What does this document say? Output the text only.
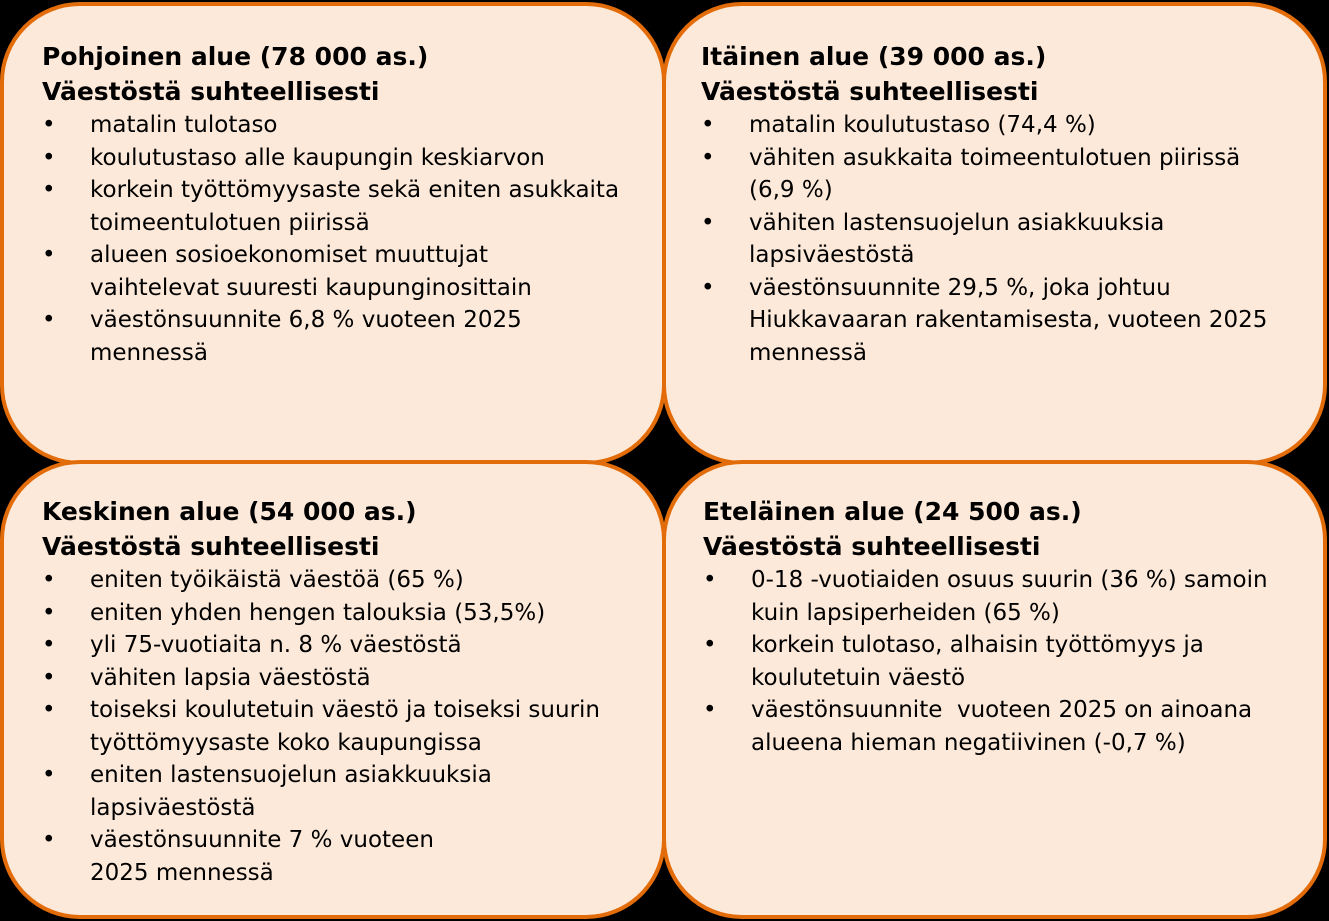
Pohjoinen alue (78 000 as.)

Väestöstä suhteellisesti

• matalin tulotaso
• koulutustaso alle kaupungin keskiarvon
• korkein työttömyysaste sekä eniten asukkaita toimeentulotuen piirissä
• alueen sosioekonomiset muuttujat vaihtelevat suuresti kaupunginosittain
• väestönsuunnite 6,8 % vuoteen 2025 mennessä

Itäinen alue (39 000 as.)

Väestöstä suhteellisesti

• matalin koulutustaso (74,4 %)
• vähiten asukkaita toimeentulotuen piirissä (6,9 %)
• vähiten lastensuojelun asiakkuuksia lapsiväestöstä
• väestönsuunnite 29,5 %, joka johtuu Hiukkavaaran rakentamisesta, vuoteen 2025 mennessä

Keskinen alue (54 000 as.)

Väestöstä suhteellisesti

• eniten työikäistä väestöä (65 %)
• eniten yhden hengen talouksia (53,5%)
• yli 75-vuotiaita n. 8 % väestöstä
• vähiten lapsia väestöstä
• toiseksi koulutetuin väestö ja toiseksi suurin työttömyysaste koko kaupungissa
• eniten lastensuojelun asiakkuuksia lapsiväestöstä
• väestönsuunnite 7 % vuoteen 2025 mennessä

Eteläinen alue (24 500 as.)

Väestöstä suhteellisesti

• 0-18 -vuotiaiden osuus suurin (36 %) samoin kuin lapsiperheiden (65 %)
• korkein tulotaso, alhaisin työttömyys ja koulutetuin väestö
• väestönsuunnite  vuoteen 2025 on ainoana alueena hieman negatiivinen (-0,7 %)
